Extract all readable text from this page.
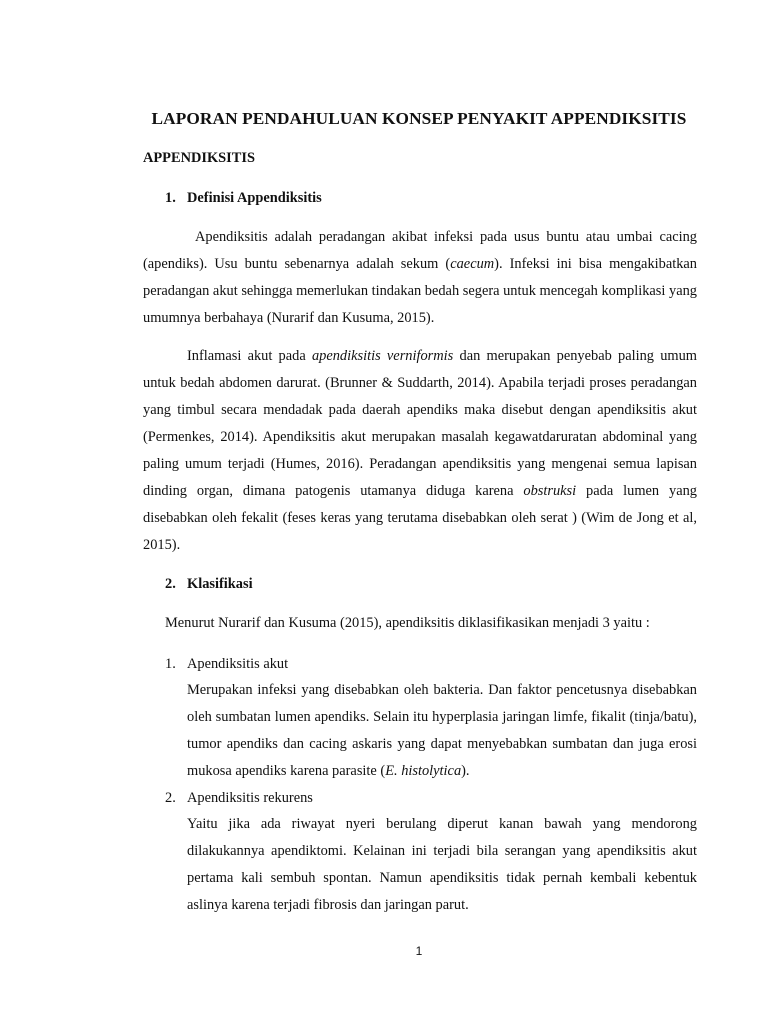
LAPORAN PENDAHULUAN KONSEP PENYAKIT APPENDIKSITIS
APPENDIKSITIS
1. Definisi Appendiksitis

Apendiksitis adalah peradangan akibat infeksi pada usus buntu atau umbai cacing (apendiks). Usu buntu sebenarnya adalah sekum (caecum). Infeksi ini bisa mengakibatkan peradangan akut sehingga memerlukan tindakan bedah segera untuk mencegah komplikasi yang umumnya berbahaya (Nurarif dan Kusuma, 2015).

Inflamasi akut pada apendiksitis verniformis dan merupakan penyebab paling umum untuk bedah abdomen darurat. (Brunner & Suddarth, 2014). Apabila terjadi proses peradangan yang timbul secara mendadak pada daerah apendiks maka disebut dengan apendiksitis akut (Permenkes, 2014). Apendiksitis akut merupakan masalah kegawatdaruratan abdominal yang paling umum terjadi (Humes, 2016). Peradangan apendiksitis yang mengenai semua lapisan dinding organ, dimana patogenis utamanya diduga karena obstruksi pada lumen yang disebabkan oleh fekalit (feses keras yang terutama disebabkan oleh serat ) (Wim de Jong et al, 2015).

2. Klasifikasi

Menurut Nurarif dan Kusuma (2015), apendiksitis diklasifikasikan menjadi 3 yaitu :

1. Apendiksitis akut

Merupakan infeksi yang disebabkan oleh bakteria. Dan faktor pencetusnya disebabkan oleh sumbatan lumen apendiks. Selain itu hyperplasia jaringan limfe, fikalit (tinja/batu), tumor apendiks dan cacing askaris yang dapat menyebabkan sumbatan dan juga erosi mukosa apendiks karena parasite (E. histolytica).

2. Apendiksitis rekurens

Yaitu jika ada riwayat nyeri berulang diperut kanan bawah yang mendorong dilakukannya apendiktomi. Kelainan ini terjadi bila serangan yang apendiksitis akut pertama kali sembuh spontan. Namun apendiksitis tidak pernah kembali kebentuk aslinya karena terjadi fibrosis dan jaringan parut.

1
